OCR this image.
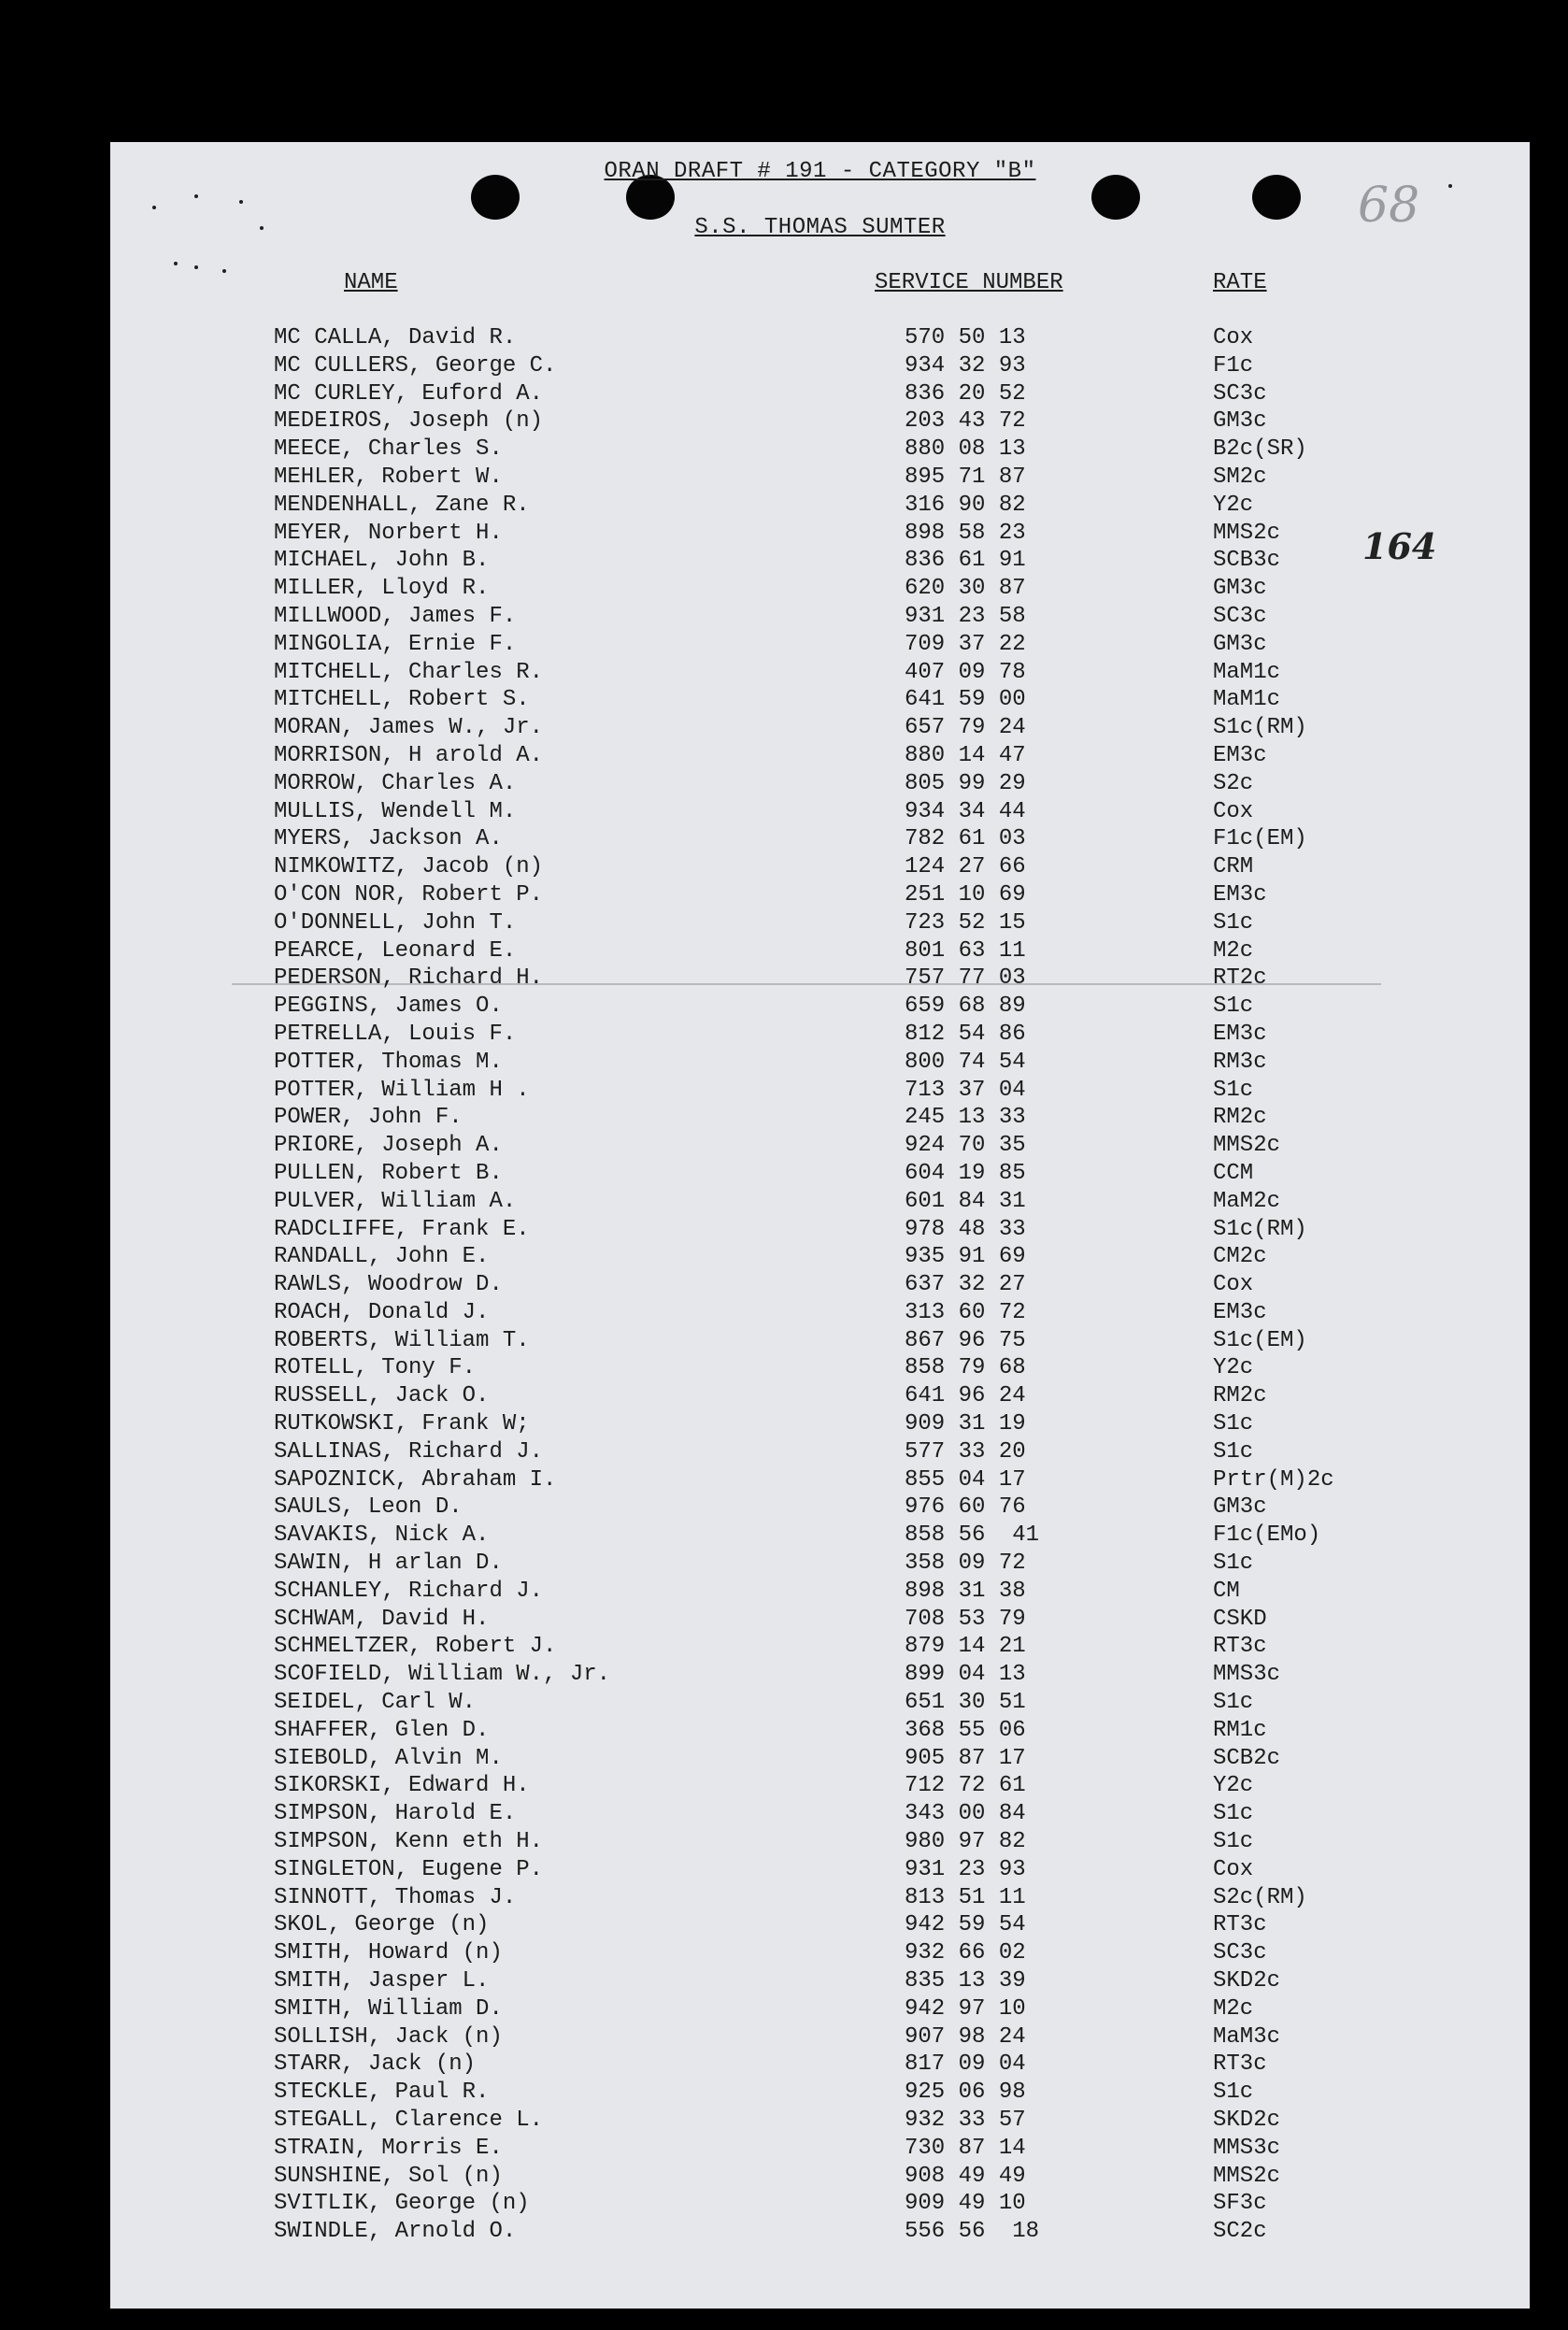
ORAN DRAFT # 191 - CATEGORY "B"
S.S. THOMAS SUMTER	68
164
NAME	SERVICE NUMBER	RATE
MC CALLA, David R.	570 50 13	Cox
MC CULLERS, George C.	934 32 93	F1c
MC CURLEY, Euford A.	836 20 52	SC3c
MEDEIROS, Joseph (n)	203 43 72	GM3c
MEECE, Charles S.	880 08 13	B2c(SR)
MEHLER, Robert W.	895 71 87	SM2c
MENDENHALL, Zane R.	316 90 82	Y2c
MEYER, Norbert H.	898 58 23	MMS2c
MICHAEL, John B.	836 61 91	SCB3c
MILLER, Lloyd R.	620 30 87	GM3c
MILLWOOD, James F.	931 23 58	SC3c
MINGOLIA, Ernie F.	709 37 22	GM3c
MITCHELL, Charles R.	407 09 78	MaM1c
MITCHELL, Robert S.	641 59 00	MaM1c
MORAN, James W., Jr.	657 79 24	S1c(RM)
MORRISON, H arold A.	880 14 47	EM3c
MORROW, Charles A.	805 99 29	S2c
MULLIS, Wendell M.	934 34 44	Cox
MYERS, Jackson A.	782 61 03	F1c(EM)
NIMKOWITZ, Jacob (n)	124 27 66	CRM
O'CON NOR, Robert P.	251 10 69	EM3c
O'DONNELL, John T.	723 52 15	S1c
PEARCE, Leonard E.	801 63 11	M2c
PEDERSON, Richard H.	757 77 03	RT2c
PEGGINS, James O.	659 68 89	S1c
PETRELLA, Louis F.	812 54 86	EM3c
POTTER, Thomas M.	800 74 54	RM3c
POTTER, William H .	713 37 04	S1c
POWER, John F.	245 13 33	RM2c
PRIORE, Joseph A.	924 70 35	MMS2c
PULLEN, Robert B.	604 19 85	CCM
PULVER, William A.	601 84 31	MaM2c
RADCLIFFE, Frank E.	978 48 33	S1c(RM)
RANDALL, John E.	935 91 69	CM2c
RAWLS, Woodrow D.	637 32 27	Cox
ROACH, Donald J.	313 60 72	EM3c
ROBERTS, William T.	867 96 75	S1c(EM)
ROTELL, Tony F.	858 79 68	Y2c
RUSSELL, Jack O.	641 96 24	RM2c
RUTKOWSKI, Frank W;	909 31 19	S1c
SALLINAS, Richard J.	577 33 20	S1c
SAPOZNICK, Abraham I.	855 04 17	Prtr(M)2c
SAULS, Leon D.	976 60 76	GM3c
SAVAKIS, Nick A.	858 56  41	F1c(EMo)
SAWIN, H arlan D.	358 09 72	S1c
SCHANLEY, Richard J.	898 31 38	CM
SCHWAM, David H.	708 53 79	CSKD
SCHMELTZER, Robert J.	879 14 21	RT3c
SCOFIELD, William W., Jr.	899 04 13	MMS3c
SEIDEL, Carl W.	651 30 51	S1c
SHAFFER, Glen D.	368 55 06	RM1c
SIEBOLD, Alvin M.	905 87 17	SCB2c
SIKORSKI, Edward H.	712 72 61	Y2c
SIMPSON, Harold E.	343 00 84	S1c
SIMPSON, Kenn eth H.	980 97 82	S1c
SINGLETON, Eugene P.	931 23 93	Cox
SINNOTT, Thomas J.	813 51 11	S2c(RM)
SKOL, George (n)	942 59 54	RT3c
SMITH, Howard (n)	932 66 02	SC3c
SMITH, Jasper L.	835 13 39	SKD2c
SMITH, William D.	942 97 10	M2c
SOLLISH, Jack (n)	907 98 24	MaM3c
STARR, Jack (n)	817 09 04	RT3c
STECKLE, Paul R.	925 06 98	S1c
STEGALL, Clarence L.	932 33 57	SKD2c
STRAIN, Morris E.	730 87 14	MMS3c
SUNSHINE, Sol (n)	908 49 49	MMS2c
SVITLIK, George (n)	909 49 10	SF3c
SWINDLE, Arnold O.	556 56  18	SC2c
